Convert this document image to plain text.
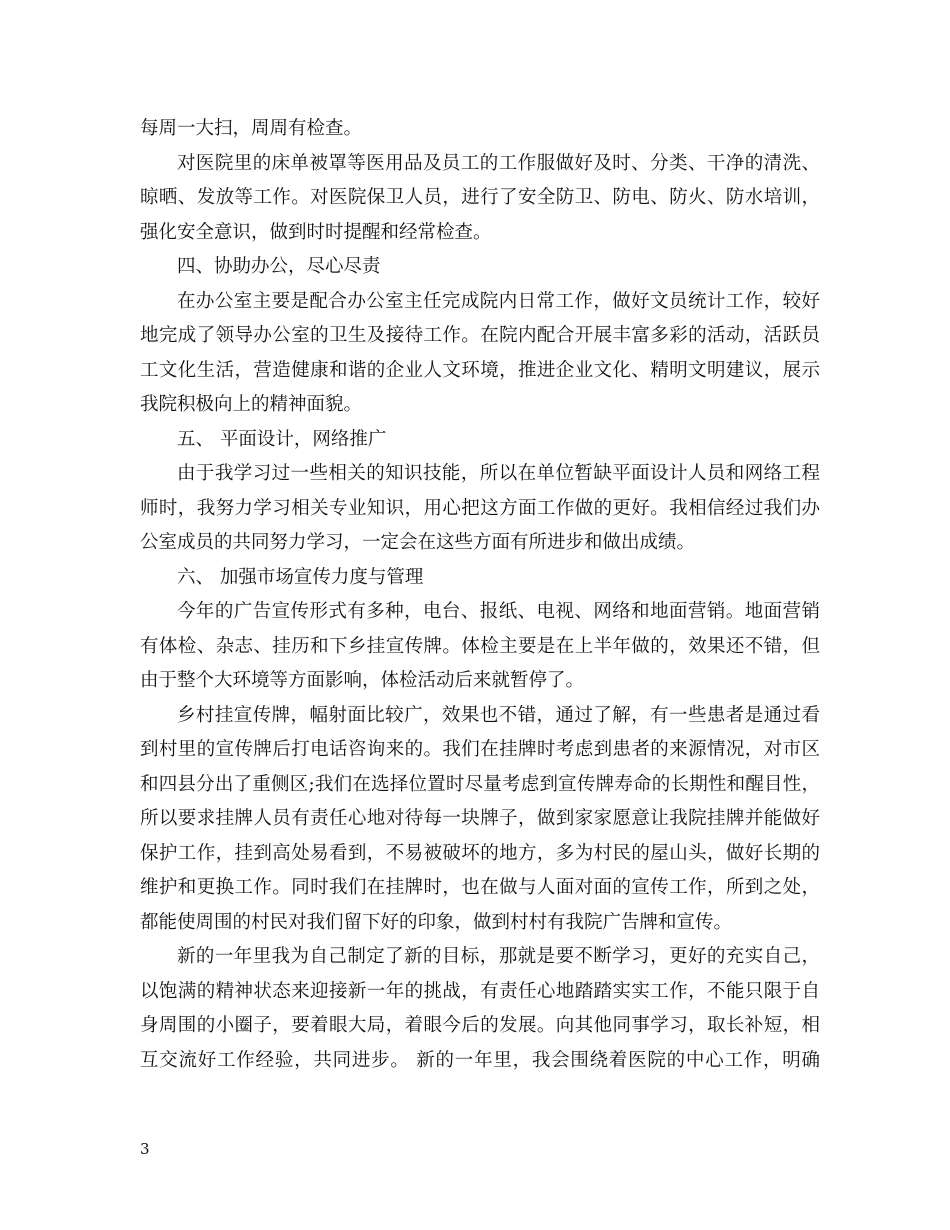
每周一大扫，周周有检查。
对医院里的床单被罩等医用品及员工的工作服做好及时、分类、干净的清洗、
晾晒、发放等工作。对医院保卫人员，进行了安全防卫、防电、防火、防水培训，
强化安全意识，做到时时提醒和经常检查。
四、协助办公，尽心尽责
在办公室主要是配合办公室主任完成院内日常工作，做好文员统计工作，较好
地完成了领导办公室的卫生及接待工作。在院内配合开展丰富多彩的活动，活跃员
工文化生活，营造健康和谐的企业人文环境，推进企业文化、精明文明建议，展示
我院积极向上的精神面貌。
五、 平面设计，网络推广
由于我学习过一些相关的知识技能，所以在单位暂缺平面设计人员和网络工程
师时，我努力学习相关专业知识，用心把这方面工作做的更好。我相信经过我们办
公室成员的共同努力学习，一定会在这些方面有所进步和做出成绩。
六、 加强市场宣传力度与管理
今年的广告宣传形式有多种，电台、报纸、电视、网络和地面营销。地面营销
有体检、杂志、挂历和下乡挂宣传牌。体检主要是在上半年做的，效果还不错，但
由于整个大环境等方面影响，体检活动后来就暂停了。
乡村挂宣传牌，幅射面比较广，效果也不错，通过了解，有一些患者是通过看
到村里的宣传牌后打电话咨询来的。我们在挂牌时考虑到患者的来源情况，对市区
和四县分出了重侧区;我们在选择位置时尽量考虑到宣传牌寿命的长期性和醒目性，
所以要求挂牌人员有责任心地对待每一块牌子，做到家家愿意让我院挂牌并能做好
保护工作，挂到高处易看到，不易被破坏的地方，多为村民的屋山头，做好长期的
维护和更换工作。同时我们在挂牌时，也在做与人面对面的宣传工作，所到之处，
都能使周围的村民对我们留下好的印象，做到村村有我院广告牌和宣传。
新的一年里我为自己制定了新的目标，那就是要不断学习，更好的充实自己，
以饱满的精神状态来迎接新一年的挑战，有责任心地踏踏实实工作，不能只限于自
身周围的小圈子，要着眼大局，着眼今后的发展。向其他同事学习，取长补短，相
互交流好工作经验，共同进步。 新的一年里，我会围绕着医院的中心工作，明确
3
